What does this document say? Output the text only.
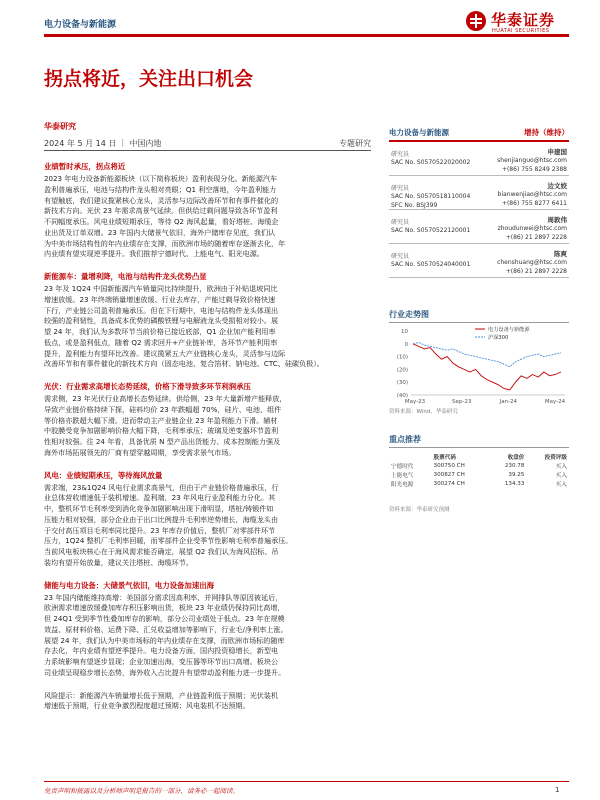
电力设备与新能源	华泰证券
HUATAI SECURITIES
拐点将近，关注出口机会
华泰研究
2024 年 5 月 14 日 ｜ 中国内地	专题研究
业绩暂时承压，拐点将近
2023 年电力设备新能源板块（以下简称板块）盈利表现分化。新能源汽车
盈利普遍承压，电池与结构件龙头相对亮眼；Q1 利空落地，今年盈利能力
有望触底，我们建议揽紧核心龙头，灵活参与边际改善环节和有事件催化的
新技术方向。光伏 23 年需求高景气延续，但供给过剩问题导致各环节盈利
不同幅度承压。风电业绩短期承压，等待 Q2 海风起量，看好塔桩、海缆企
业出货及订单双增。23 年国内大储景气依旧，海外户储库存见底，我们认
为中美市场结构性的年内业绩存在支撑，而欧洲市场的随着库存逐渐去化，年
内业绩有望实现逆季提升。我们推荐宁德时代、上能电气、阳光电源。
新能源车：量增利降，电池与结构件龙头优势凸显
23 年及 1Q24 中国新能源汽车销量同比持续提升，欧洲由于补贴退坡同比
增速放缓。23 年终端销量增速放缓、行业去库存，产能过剩导致价格快速
下行，产业链公司盈利普遍承压。但在下行期中，电池与结构件龙头体现出
较强的盈利韧性，具备成本优势的磷酸铁锂与电解液龙头受损相对较小。展
望 24 年，我们认为多数环节当前价格已接近底部，Q1 企业加产能利用率
低点，或是盈利低点，随着 Q2 需求回升+产业链补库，各环节产能利用率
提升，盈利能力有望环比改善。建议揽紧五大产业链核心龙头，灵活参与边际
改善环节和有事件催化的新技术方向（固态电池、复合箔材、钠电池、CTC、硅碳负极）。
光伏：行业需求高增长态势延续，价格下滑导致多环节利润承压
需求侧，23 年光伏行业高增长态势延续。供给侧，23 年大量新增产能释放，
导致产业链价格持续下探，硅料均价 23 年跌幅超 70%，硅片、电池、组件
等价格亦跌超大幅下滑。进而带动主产业链企业 23 年盈利能力下滑。辅材
中胶膜受竞争加剧影响价格大幅下降，毛利率承压；玻璃及逆变器环节盈利
性相对较强。往 24 年看，具备优质 N 型产品出货能力、成本控制能力强及
海外市场拓展领先的厂商有望穿越周期，享受需求景气市场。
风电：业绩短期承压，等待海风放量
需求端，23&1Q24 风电行业需求高景气，但由于产业链价格普遍承压，行
业总体营收增速低于装机增速。盈利端，23 年风电行业盈利能力分化。其
中，整机环节毛利率受到消化竞争加剧影响出现下滑明显，塔桩/铸锻件如
压能力相对较强，部分企业由于出口比例提升毛利率逆势增长，海缆龙头由
于交付高压项目毛利率同比提升。23 年库存价值后，整机厂对零部件环节
压力，1Q24 整机厂毛利率回暖，而零部件企业受季节性影响毛利率普遍承压。
当前风电板块核心在于海风需求能否确定，展望 Q2 我们认为海风招标、吊
装均有望开始放量，建议关注塔桩、海缆环节。
储能与电力设备：大储景气依旧，电力设备加速出海
23 年国内储能维持高增：美国部分需求因高利率、并网排队等原因被延后，
欧洲需求增速放缓叠加库存积压影响出货，板块 23 年业绩仍保持同比高增，
但 24Q1 受到季节性叠加库存的影响，部分公司业绩处于低点。23 年在规模
效益、原材料价格、运费下降、汇兑收益增加等影响下，行业毛/净利率上涨。
展望 24 年，我们认为中美市场标的年内业绩存在支撑，而欧洲市场标的随库
存去化，年内业绩有望逆季提升。电力设备方面，国内投资稳增长，新型电
力系统影响有望逐步显现；企业加速出海，变压器等环节出口高增。板块公
司业绩呈现稳步增长态势，海外收入占比提升有望带动盈利能力进一步提升。
风险提示：新能源汽车销量增长低于预期，产业链盈利低于预期；光伏装机
增速低于预期，行业竞争激烈程度超过预期；风电装机不达预期。
电力设备与新能源	增持（维持）
研究员	申建国
SAC No. S0570522020002	shenjianguo@htsc.com
+(86) 755 8249 2388
研究员	边文姣
SAC No. S0570518110004
SFC No. BSJ399
bianwenjiao@htsc.com
+(86) 755 8277 6411
研究员	周敦伟
SAC No. S0570522120001	zhoudunwei@htsc.com
+(86) 21 2897 2228
研究员	陈爽
SAC No. S0570524040001	chenshuang@htsc.com
+(86) 21 2897 2228
行业走势图
10
0
(10)
(20)
(30)
(40)
May-23	Sep-23	Jan-24	May-24
电力设备与新能源
沪深300
资料来源：Wind，华泰研究
重点推荐
	股票代码	收盘价	投资评级
宁德时代	300750 CH	230.78	买入
上能电气	300827 CH	39.25	买入
阳光电源	300274 CH	134.33	买入
资料来源：华泰研究预测
免责声明和披露以及分析师声明是报告的一部分，请务必一起阅读。	1
